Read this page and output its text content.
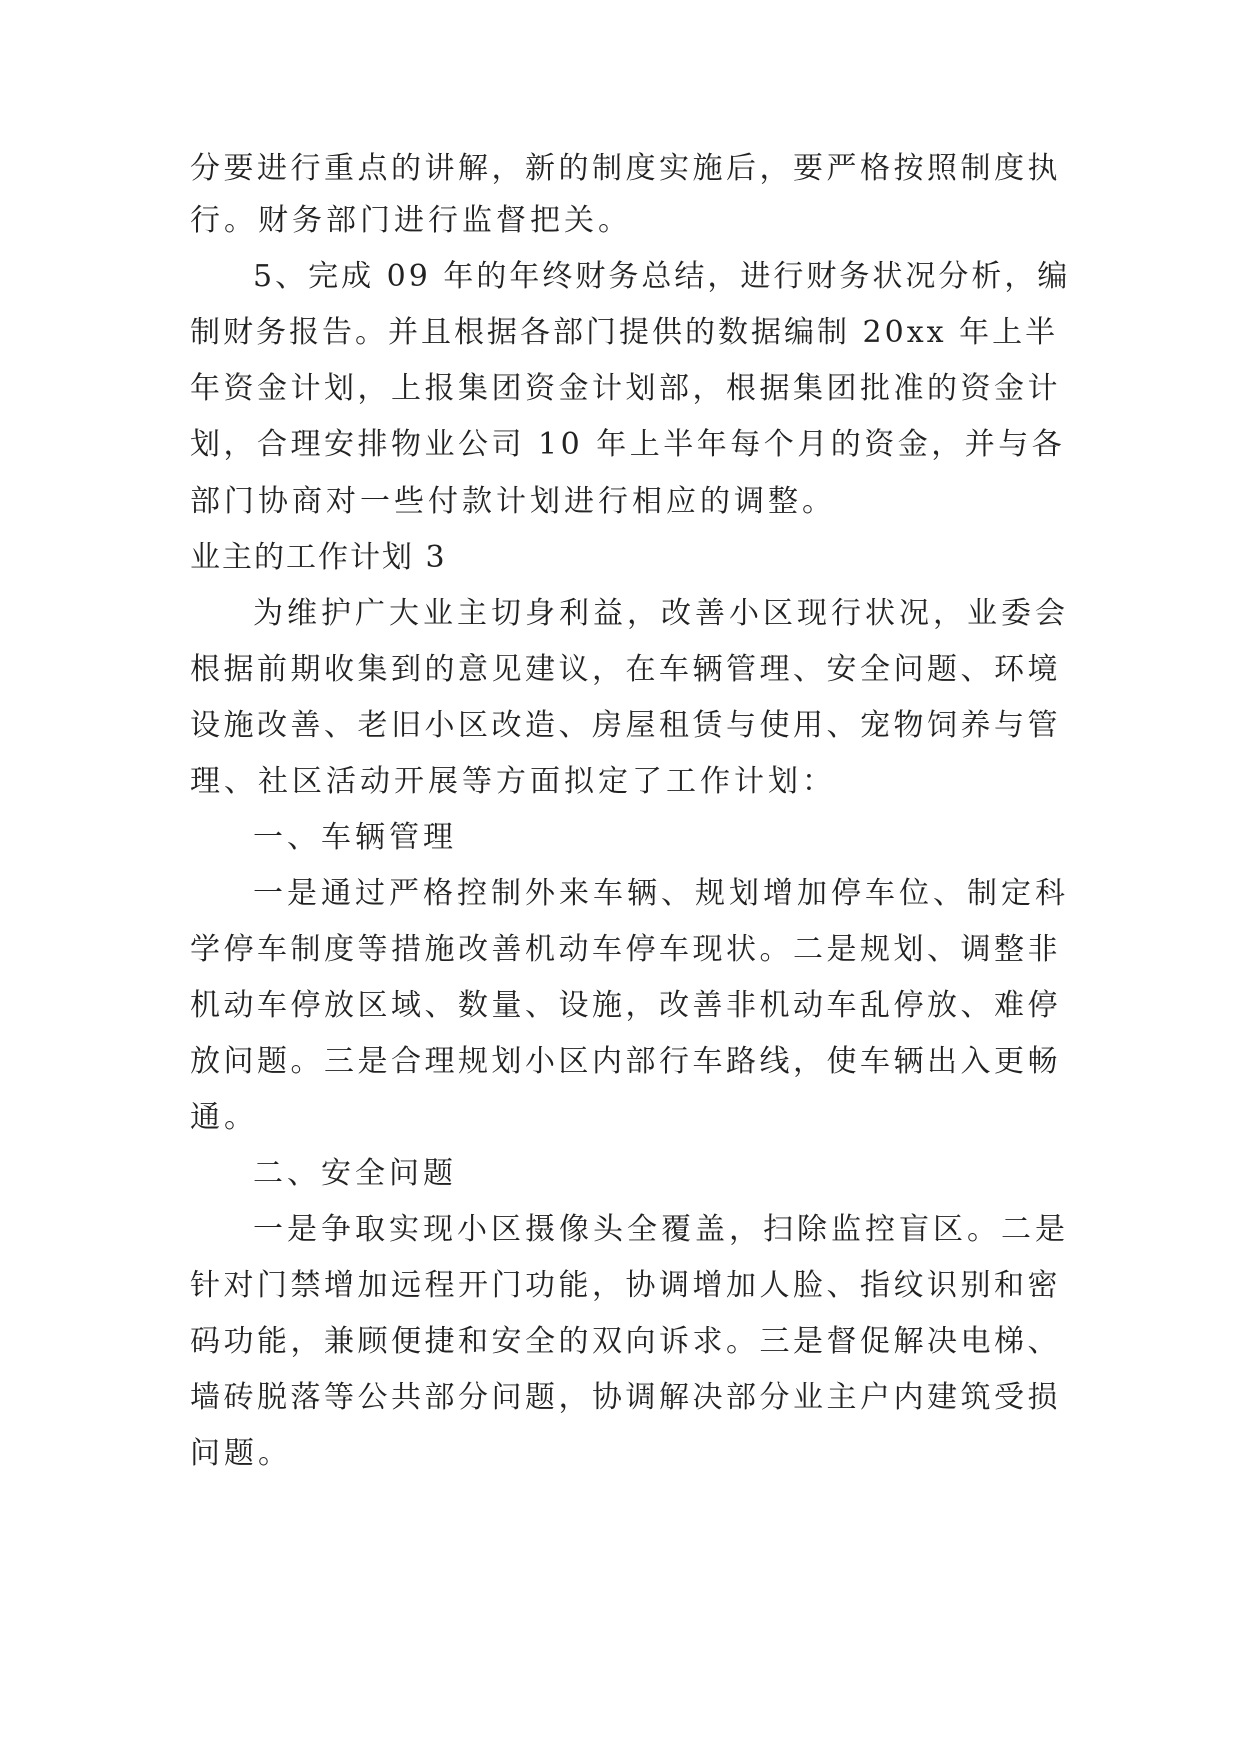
分要进行重点的讲解，新的制度实施后，要严格按照制度执
行。财务部门进行监督把关。
5、完成 09 年的年终财务总结，进行财务状况分析，编
制财务报告。并且根据各部门提供的数据编制 20xx 年上半
年资金计划，上报集团资金计划部，根据集团批准的资金计
划，合理安排物业公司 10 年上半年每个月的资金，并与各
部门协商对一些付款计划进行相应的调整。
业主的工作计划 3
为维护广大业主切身利益，改善小区现行状况，业委会
根据前期收集到的意见建议，在车辆管理、安全问题、环境
设施改善、老旧小区改造、房屋租赁与使用、宠物饲养与管
理、社区活动开展等方面拟定了工作计划：
一、车辆管理
一是通过严格控制外来车辆、规划增加停车位、制定科
学停车制度等措施改善机动车停车现状。二是规划、调整非
机动车停放区域、数量、设施，改善非机动车乱停放、难停
放问题。三是合理规划小区内部行车路线，使车辆出入更畅
通。
二、安全问题
一是争取实现小区摄像头全覆盖，扫除监控盲区。二是
针对门禁增加远程开门功能，协调增加人脸、指纹识别和密
码功能，兼顾便捷和安全的双向诉求。三是督促解决电梯、
墙砖脱落等公共部分问题，协调解决部分业主户内建筑受损
问题。
